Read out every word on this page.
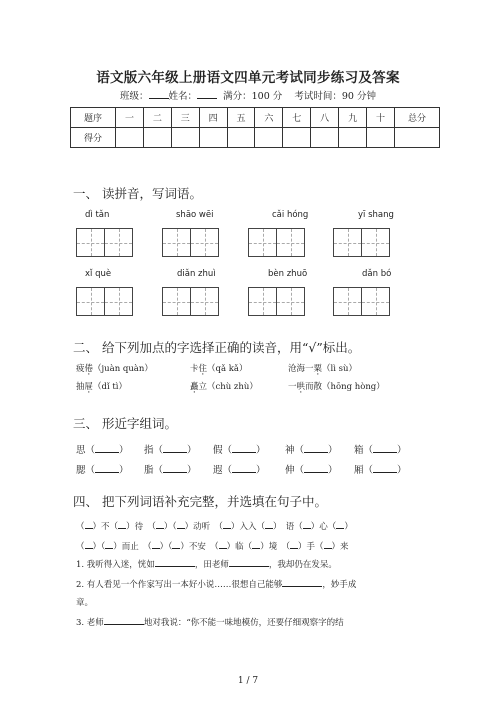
语文版六年级上册语文四单元考试同步练习及答案
班级： 姓名：	满分：100 分 考试时间：90 分钟
题序	一	二	三	四	五	六	七	八	九	十	总分
得分											
一、 读拼音，写词语。
dì tǎn	shāo wēi	cǎi hóng	yī shang
xǐ què	diǎn zhuì	bèn zhuō	dǎn bó
二、 给下列加点的字选择正确的读音，用“√”标出。
疲倦（juàn quàn）	卡住（qǎ kǎ）	沧海一粟（lì sù）
抽屉（dǐ tì）	矗立（chù zhù）	一哄而散（hōng hòng）
三、 形近字组词。
思（	） 指（	） 假（	） 神（	） 箱（	）
腮（	） 脂（	） 遐（	） 伸（	） 厢（	）
四、 把下列词语补充完整，并选填在句子中。
（ ）不（ ）待　（ ）（ ）动听　（ ）入入（ ）　语（ ）心（ ）
（ ）（ ）而止　（ ）（ ）不安　（ ）临（ ）境　（ ）手（ ）来
1. 我听得入迷，恍如	，田老师	，我却仍在发呆。
2. 有人看见一个作家写出一本好小说……很想自己能够	，妙手成
章。
3. 老师	地对我说：“你不能一味地模仿，还要仔细观察字的结
1 / 7
